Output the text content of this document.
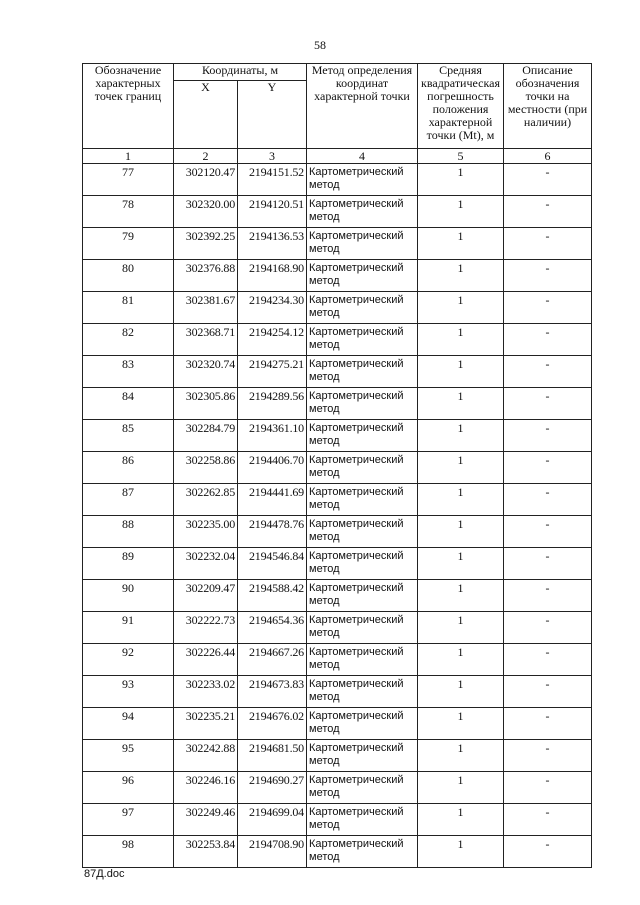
58
Обозначение характерных точек границ	Координаты, м		Метод определения координат характерной точки	Средняя квадратическая погрешность положения характерной точки (Mt), м	Описание обозначения точки на местности (при наличии)
	X	Y			
1	2	3	4	5	6
77	302120.47	2194151.52	Картометрический метод	1	-
78	302320.00	2194120.51	Картометрический метод	1	-
79	302392.25	2194136.53	Картометрический метод	1	-
80	302376.88	2194168.90	Картометрический метод	1	-
81	302381.67	2194234.30	Картометрический метод	1	-
82	302368.71	2194254.12	Картометрический метод	1	-
83	302320.74	2194275.21	Картометрический метод	1	-
84	302305.86	2194289.56	Картометрический метод	1	-
85	302284.79	2194361.10	Картометрический метод	1	-
86	302258.86	2194406.70	Картометрический метод	1	-
87	302262.85	2194441.69	Картометрический метод	1	-
88	302235.00	2194478.76	Картометрический метод	1	-
89	302232.04	2194546.84	Картометрический метод	1	-
90	302209.47	2194588.42	Картометрический метод	1	-
91	302222.73	2194654.36	Картометрический метод	1	-
92	302226.44	2194667.26	Картометрический метод	1	-
93	302233.02	2194673.83	Картометрический метод	1	-
94	302235.21	2194676.02	Картометрический метод	1	-
95	302242.88	2194681.50	Картометрический метод	1	-
96	302246.16	2194690.27	Картометрический метод	1	-
97	302249.46	2194699.04	Картометрический метод	1	-
98	302253.84	2194708.90	Картометрический метод	1	-
87Д.doc
